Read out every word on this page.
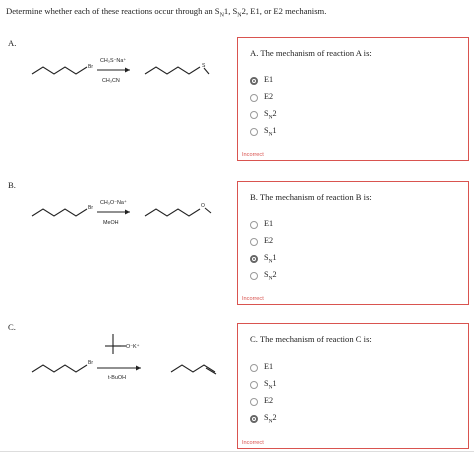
Determine whether each of these reactions occur through an $S_N1$, $S_N2$, E1, or E2 mechanism.
A.
Br
CH₃S⁻Na⁺
CH₃CN
S
A. The mechanism of reaction A is:
E1
E2
$S_N2$
$S_N1$
Incorrect
B.
Br
CH₃O⁻Na⁺
MeOH
O
B. The mechanism of reaction B is:
E1
E2
$S_N1$
$S_N2$
Incorrect
C.
Br
O⁻K⁺
t-BuOH
C. The mechanism of reaction C is:
E1
$S_N1$
E2
$S_N2$
Incorrect
